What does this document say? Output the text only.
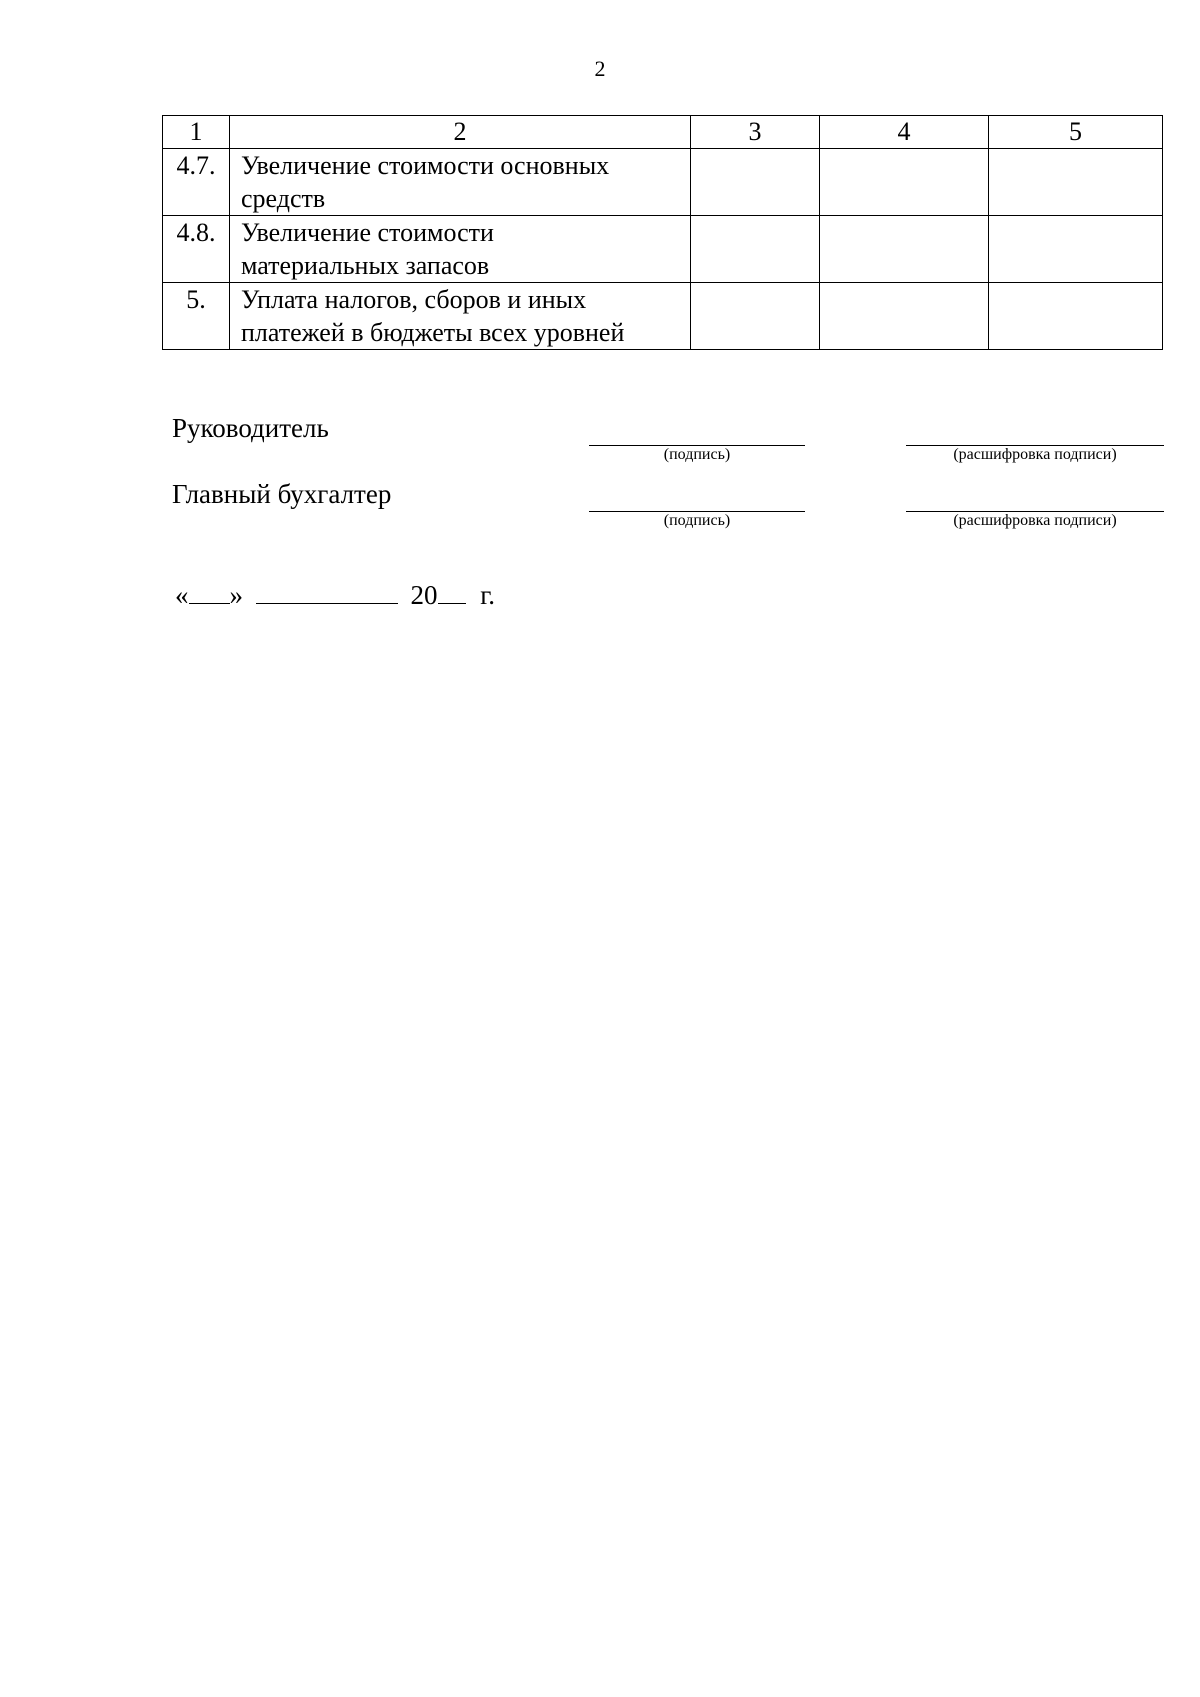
2
1	2	3	4	5
4.7.	Увеличение стоимости основных
средств			

4.8.	Увеличение стоимости
материальных запасов			

5.	Уплата налогов, сборов и иных
платежей в бюджеты всех уровней			

Руководитель
(подпись)	(расшифровка подписи)
Главный бухгалтер
(подпись)	(расшифровка подписи)
« »	20 г.
